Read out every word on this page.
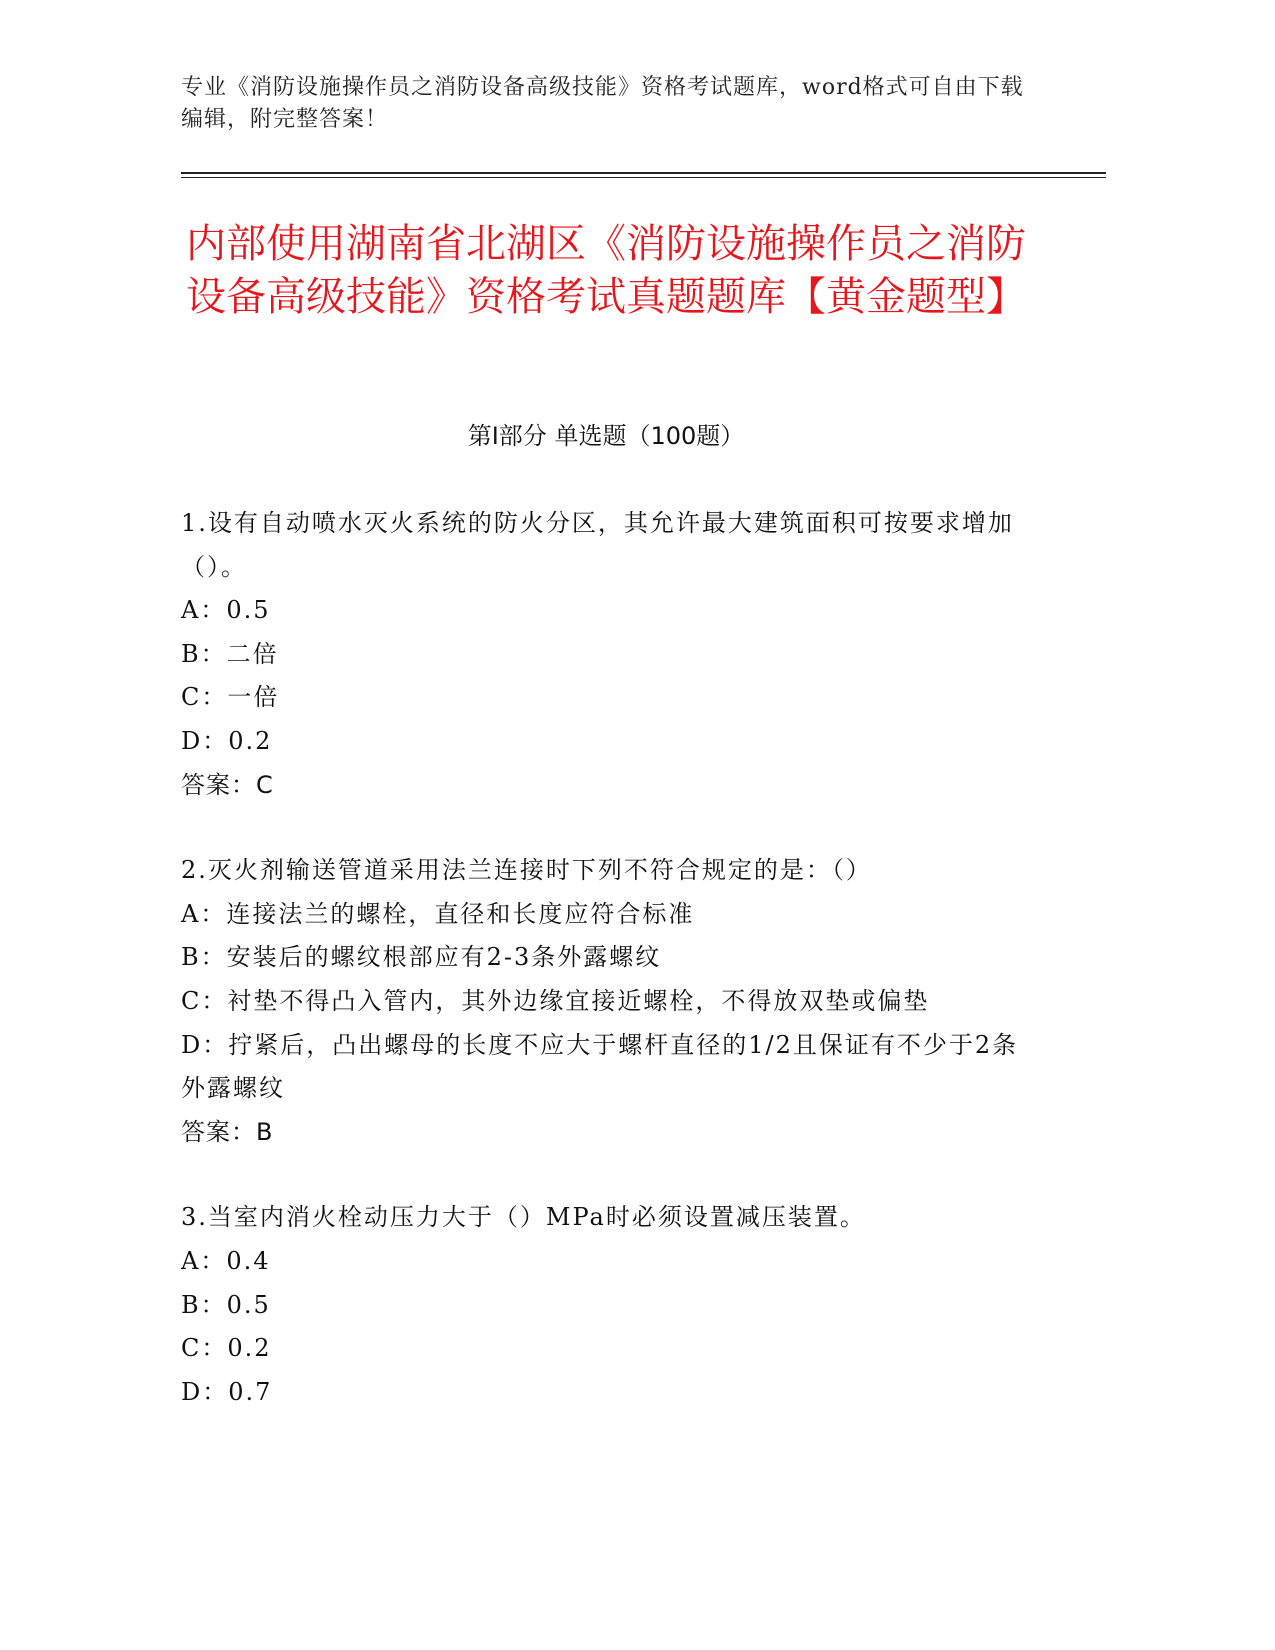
专业《消防设施操作员之消防设备高级技能》资格考试题库，word格式可自由下载编辑，附完整答案！
内部使用湖南省北湖区《消防设施操作员之消防设备高级技能》资格考试真题题库【黄金题型】
第Ⅰ部分 单选题（100题）
1.设有自动喷水灭火系统的防火分区，其允许最大建筑面积可按要求增加（）。
A：0.5
B：二倍
C：一倍
D：0.2
答案：C
2.灭火剂输送管道采用法兰连接时下列不符合规定的是：（）
A：连接法兰的螺栓，直径和长度应符合标准
B：安装后的螺纹根部应有2-3条外露螺纹
C：衬垫不得凸入管内，其外边缘宜接近螺栓，不得放双垫或偏垫
D：拧紧后，凸出螺母的长度不应大于螺杆直径的1/2且保证有不少于2条外露螺纹
答案：B
3.当室内消火栓动压力大于（）MPa时必须设置减压装置。
A：0.4
B：0.5
C：0.2
D：0.7
